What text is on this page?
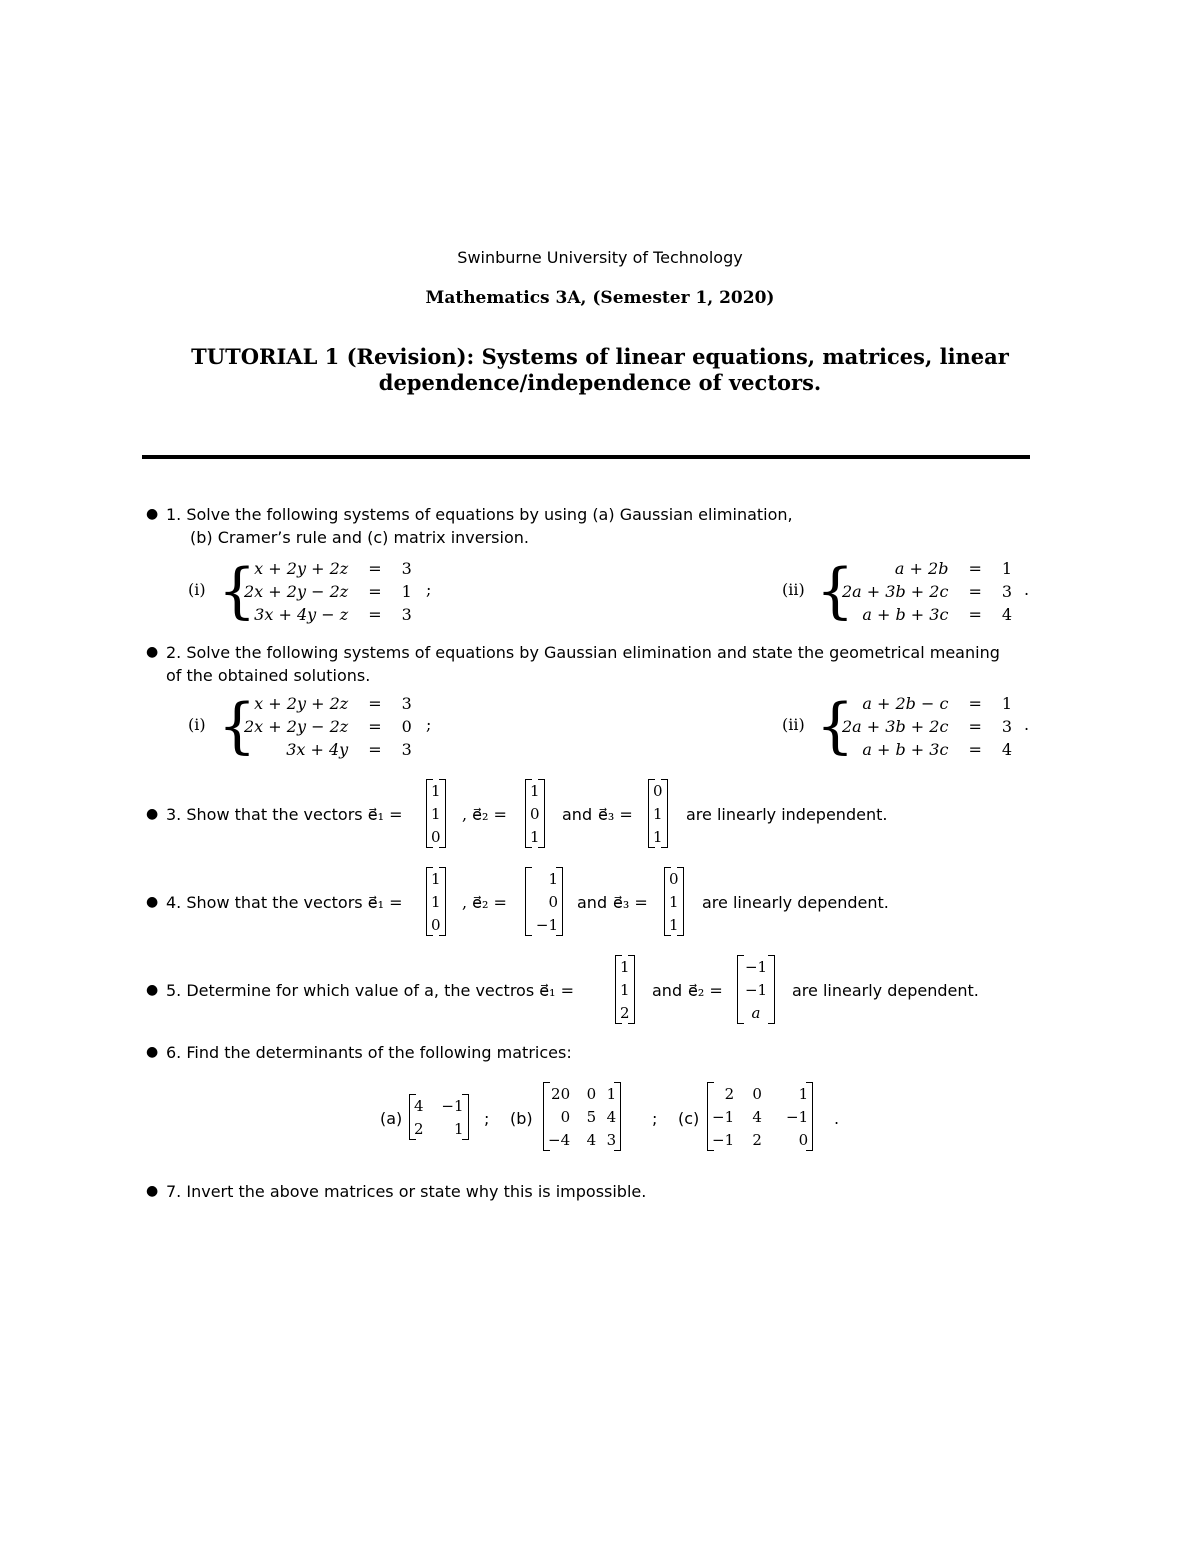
Swinburne University of Technology
Mathematics 3A, (Semester 1, 2020)
TUTORIAL 1 (Revision): Systems of linear equations, matrices, linear
dependence/independence of vectors.
● 1. Solve the following systems of equations by using (a) Gaussian elimination,
(b) Cramer’s rule and (c) matrix inversion.
(i) {
x + 2y + 2z	=	3
2x + 2y − 2z	=	1
3x + 4y − z	=	3
;	(ii) {	a + 2b	=	1
2a + 3b + 2c	=	3
a + b + 3c	=	4
.
● 2. Solve the following systems of equations by Gaussian elimination and state the geometrical meaning
of the obtained solutions.
(i) {
x + 2y + 2z	=	3
2x + 2y − 2z	=	0
3x + 4y	=	3
;	(ii) { a + 2b − c	=	1
2a + 3b + 2c	=	3
a + b + 3c	=	4
.
● 3. Show that the vectors e⃗₁ =	, e⃗₂ =	and e⃗₃ =	are linearly independent.
1
1
0
1
0
1
0
1
1
● 4. Show that the vectors e⃗₁ =	, e⃗₂ =	and e⃗₃ =	are linearly dependent.
1
1
0
1
0
−1
0
1
1
● 5. Determine for which value of a, the vectros e⃗₁ =	and e⃗₂ =	are linearly dependent.
1
1
2
−1
−1
a
● 6. Find the determinants of the following matrices:
(a)
4	−1
2	1
; (b)
20	0	1
0	5	4
−4	4	3
; (c)
2	0	1
−1	4	−1
−1	2	0
.
● 7. Invert the above matrices or state why this is impossible.
